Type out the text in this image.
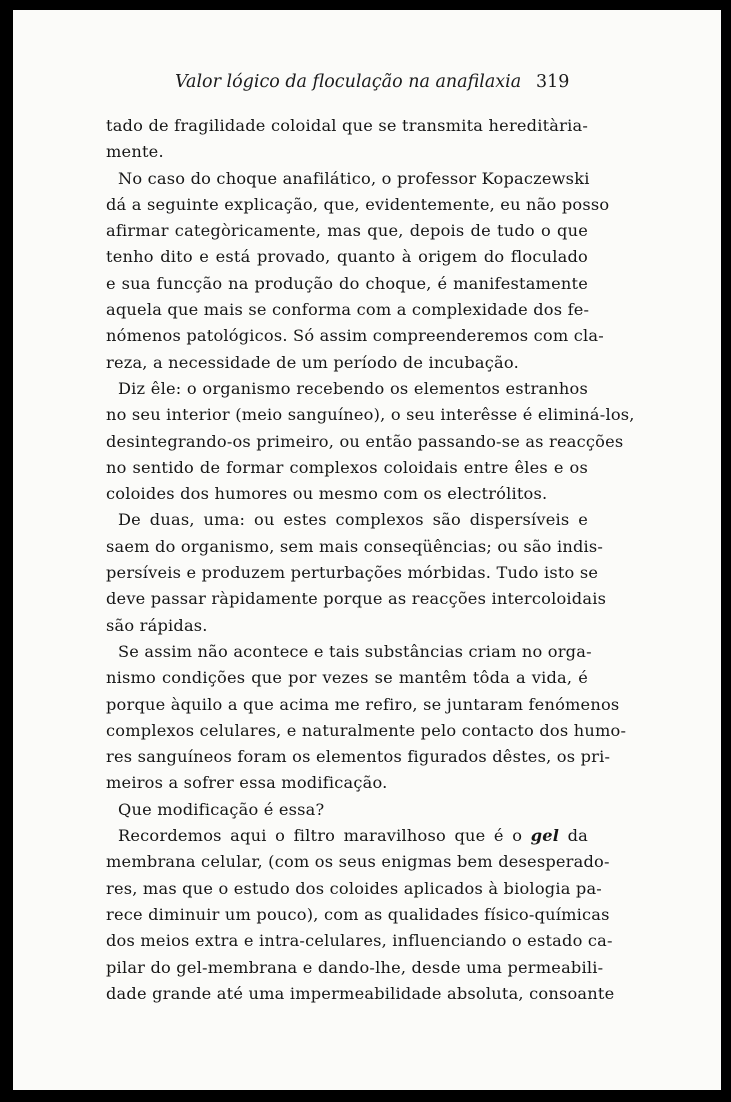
Valor lógico da floculação na anafilaxia 319
tado de fragilidade coloidal que se transmita hereditària-
mente.
No caso do choque anafilático, o professor Kopaczewski
dá a seguinte explicação, que, evidentemente, eu não posso
afirmar categòricamente, mas que, depois de tudo o que
tenho dito e está provado, quanto à origem do floculado
e sua funcção na produção do choque, é manifestamente
aquela que mais se conforma com a complexidade dos fe-
nómenos patológicos. Só assim compreenderemos com cla-
reza, a necessidade de um período de incubação.
Diz êle: o organismo recebendo os elementos estranhos
no seu interior (meio sanguíneo), o seu interêsse é eliminá-los,
desintegrando-os primeiro, ou então passando-se as reacções
no sentido de formar complexos coloidais entre êles e os
coloides dos humores ou mesmo com os electrólitos.
De duas, uma: ou estes complexos são dispersíveis e
saem do organismo, sem mais conseqüências; ou são indis-
persíveis e produzem perturbações mórbidas. Tudo isto se
deve passar ràpidamente porque as reacções intercoloidais
são rápidas.
Se assim não acontece e tais substâncias criam no orga-
nismo condições que por vezes se mantêm tôda a vida, é
porque àquilo a que acima me refiro, se juntaram fenómenos
complexos celulares, e naturalmente pelo contacto dos humo-
res sanguíneos foram os elementos figurados dêstes, os pri-
meiros a sofrer essa modificação.
Que modificação é essa?
Recordemos aqui o filtro maravilhoso que é o gel da
membrana celular, (com os seus enigmas bem desesperado-
res, mas que o estudo dos coloides aplicados à biologia pa-
rece diminuir um pouco), com as qualidades físico-químicas
dos meios extra e intra-celulares, influenciando o estado ca-
pilar do gel-membrana e dando-lhe, desde uma permeabili-
dade grande até uma impermeabilidade absoluta, consoante
